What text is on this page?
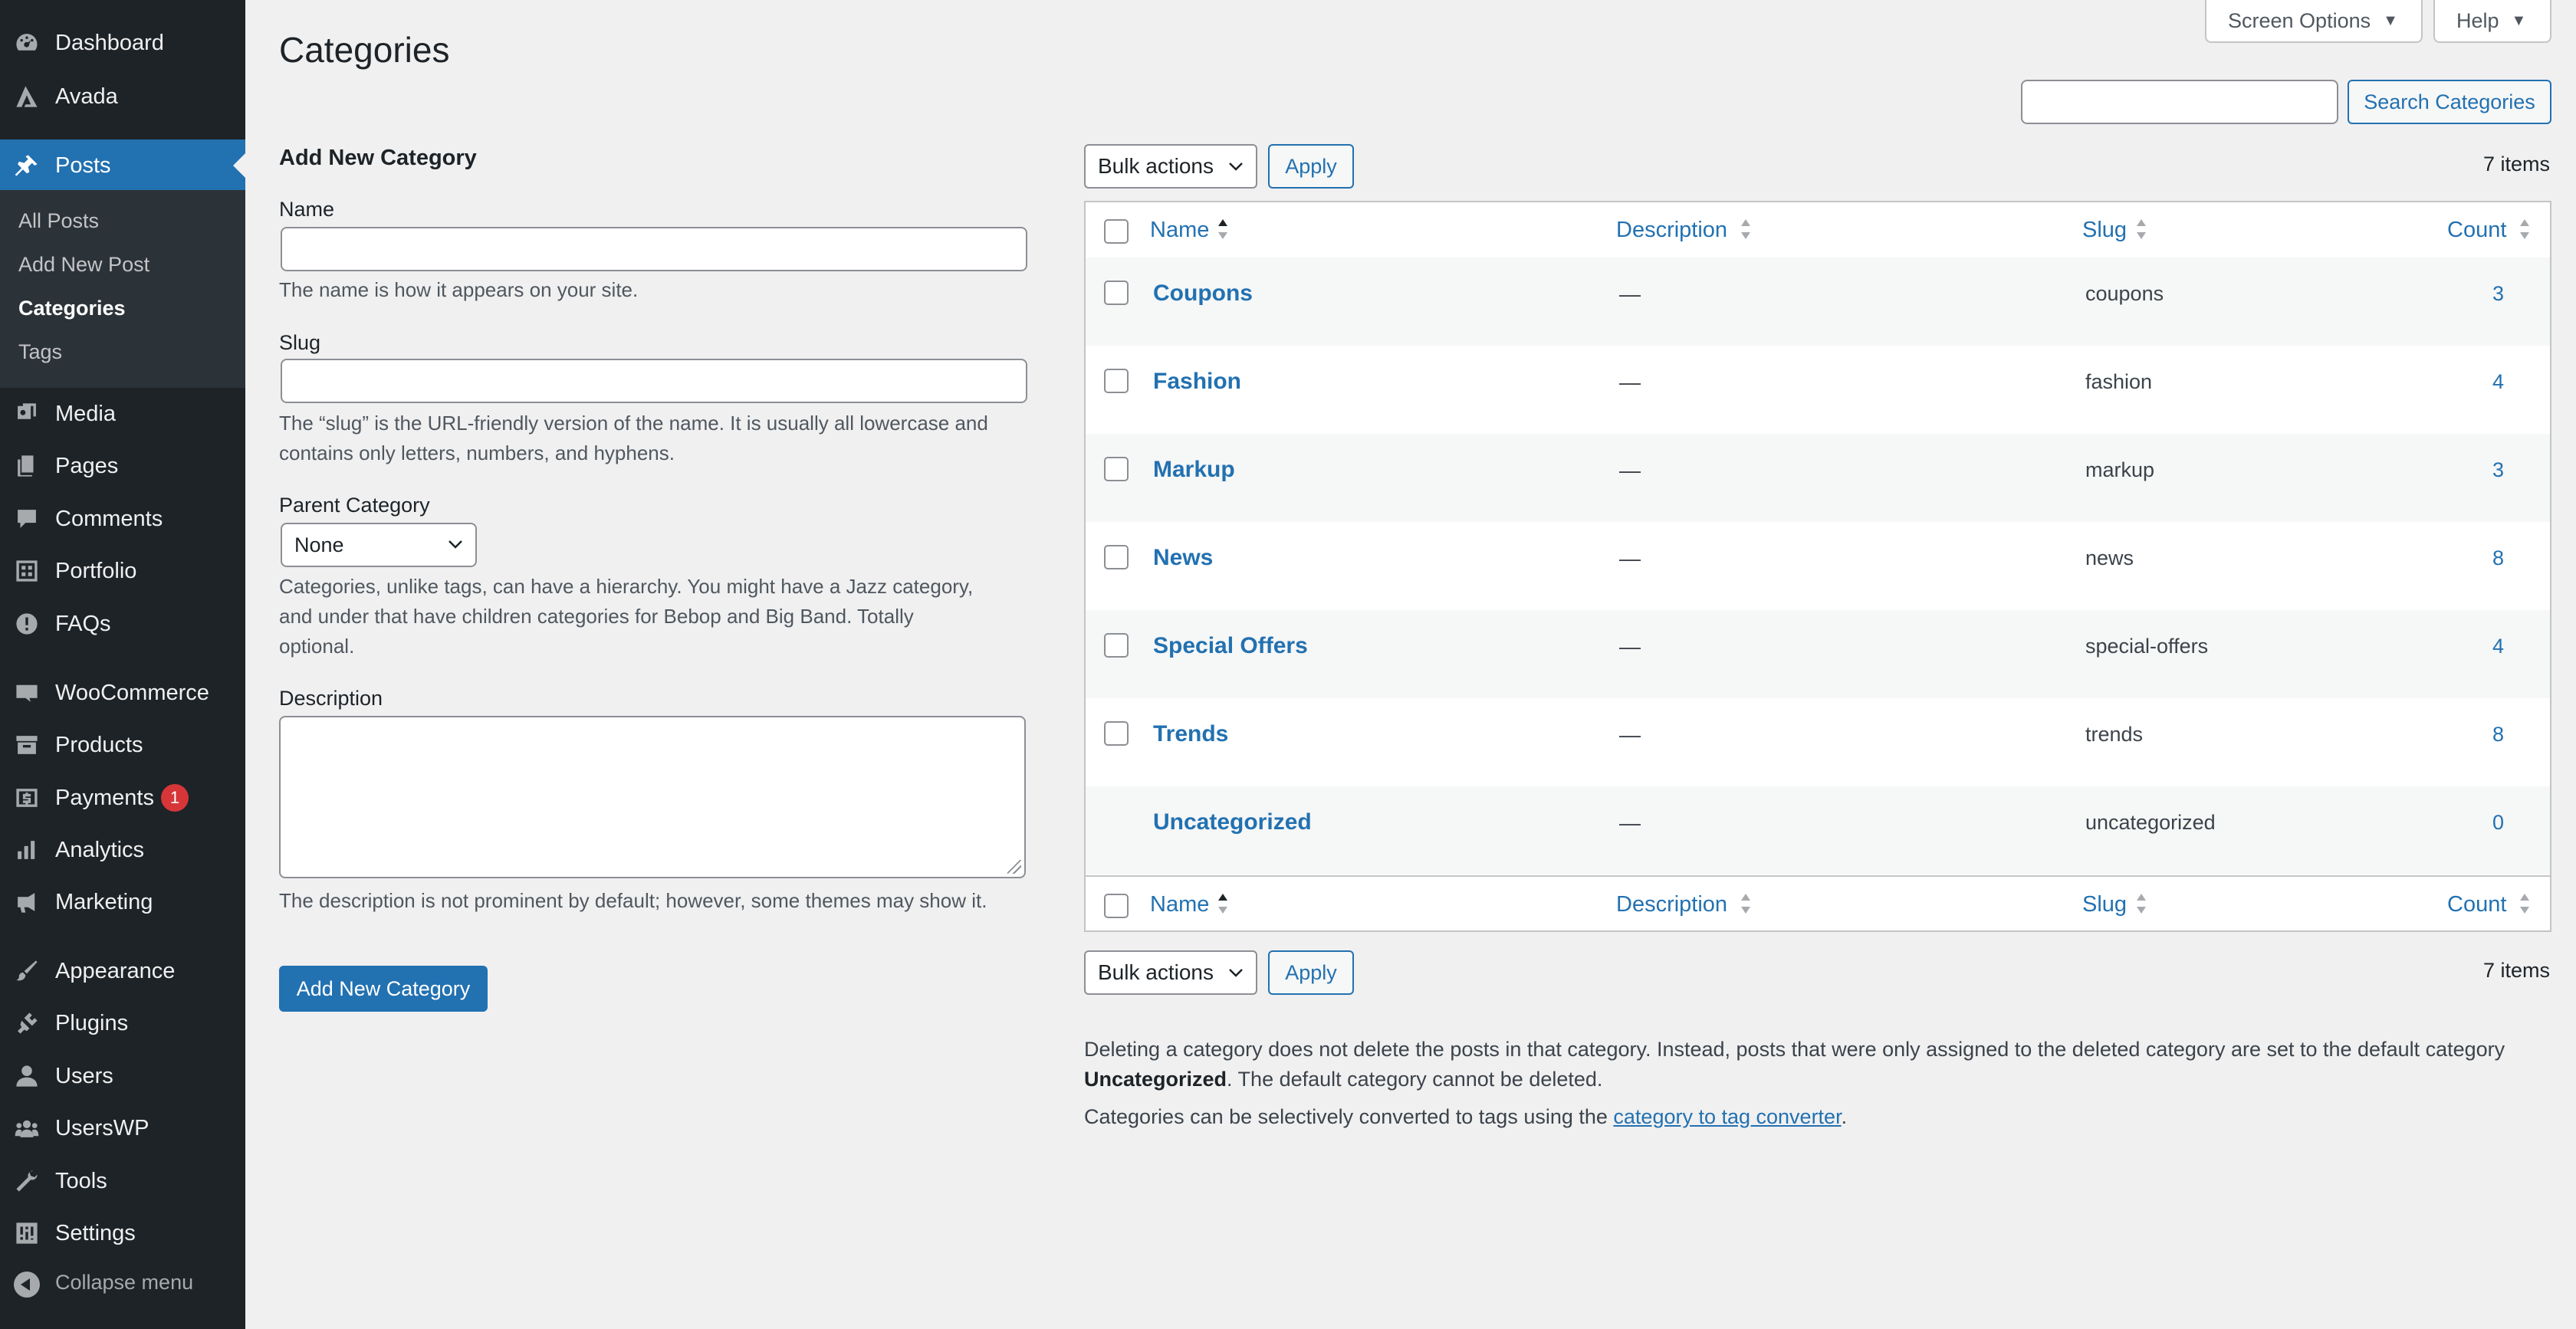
Dashboard
Avada
Posts
All Posts
Add New Post
Categories
Tags
Media
Pages
Comments
Portfolio
FAQs
WooCommerce
Products
Payments 1
Analytics
Marketing
Appearance
Plugins
Users
UsersWP
Tools
Settings
Collapse menu
Screen Options ▼	Help ▼
Categories
Search Categories
Add New Category
Name
The name is how it appears on your site.
Slug
The “slug” is the URL-friendly version of the name. It is usually all lowercase and
contains only letters, numbers, and hyphens.
Parent Category
None
Categories, unlike tags, can have a hierarchy. You might have a Jazz category,
and under that have children categories for Bebop and Big Band. Totally
optional.
Description
The description is not prominent by default; however, some themes may show it.
Add New Category
Bulk actions	Apply	7 items
Name	Description	Slug	Count
Coupons	—	coupons	3
Fashion	—	fashion	4
Markup	—	markup	3
News	—	news	8
Special Offers	—	special-offers	4
Trends	—	trends	8
Uncategorized	—	uncategorized	0
Name	Description	Slug	Count
Bulk actions	Apply	7 items
Deleting a category does not delete the posts in that category. Instead, posts that were only assigned to the deleted category are set to the default category
Uncategorized. The default category cannot be deleted.
Categories can be selectively converted to tags using the category to tag converter.
